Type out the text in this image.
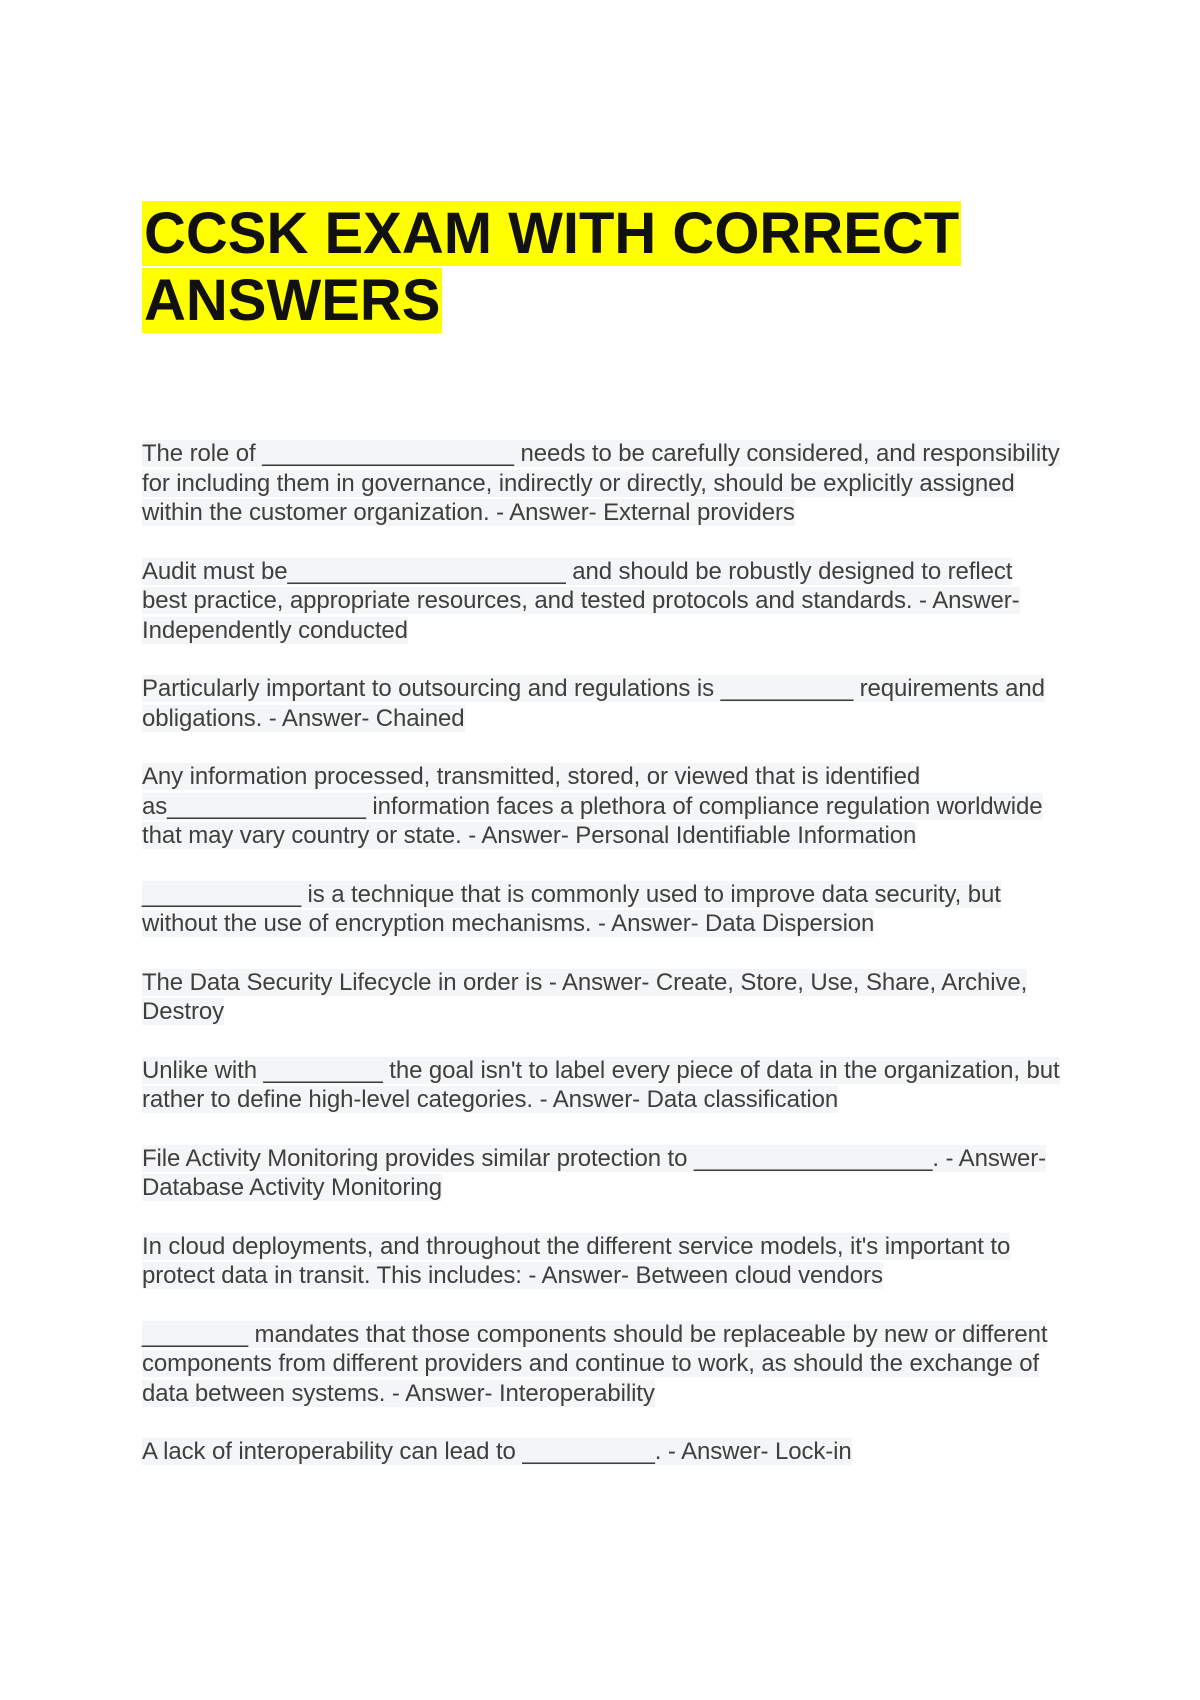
CCSK EXAM WITH CORRECT ANSWERS

The role of ___________________ needs to be carefully considered, and responsibility for including them in governance, indirectly or directly, should be explicitly assigned within the customer organization. - Answer- External providers

Audit must be_____________________ and should be robustly designed to reflect best practice, appropriate resources, and tested protocols and standards. - Answer- Independently conducted

Particularly important to outsourcing and regulations is __________ requirements and obligations. - Answer- Chained

Any information processed, transmitted, stored, or viewed that is identified as_______________ information faces a plethora of compliance regulation worldwide that may vary country or state. - Answer- Personal Identifiable Information

____________ is a technique that is commonly used to improve data security, but without the use of encryption mechanisms. - Answer- Data Dispersion

The Data Security Lifecycle in order is - Answer- Create, Store, Use, Share, Archive, Destroy

Unlike with _________ the goal isn't to label every piece of data in the organization, but rather to define high-level categories. - Answer- Data classification

File Activity Monitoring provides similar protection to __________________. - Answer- Database Activity Monitoring

In cloud deployments, and throughout the different service models, it's important to protect data in transit. This includes: - Answer- Between cloud vendors

________ mandates that those components should be replaceable by new or different components from different providers and continue to work, as should the exchange of data between systems. - Answer- Interoperability

A lack of interoperability can lead to __________. - Answer- Lock-in
